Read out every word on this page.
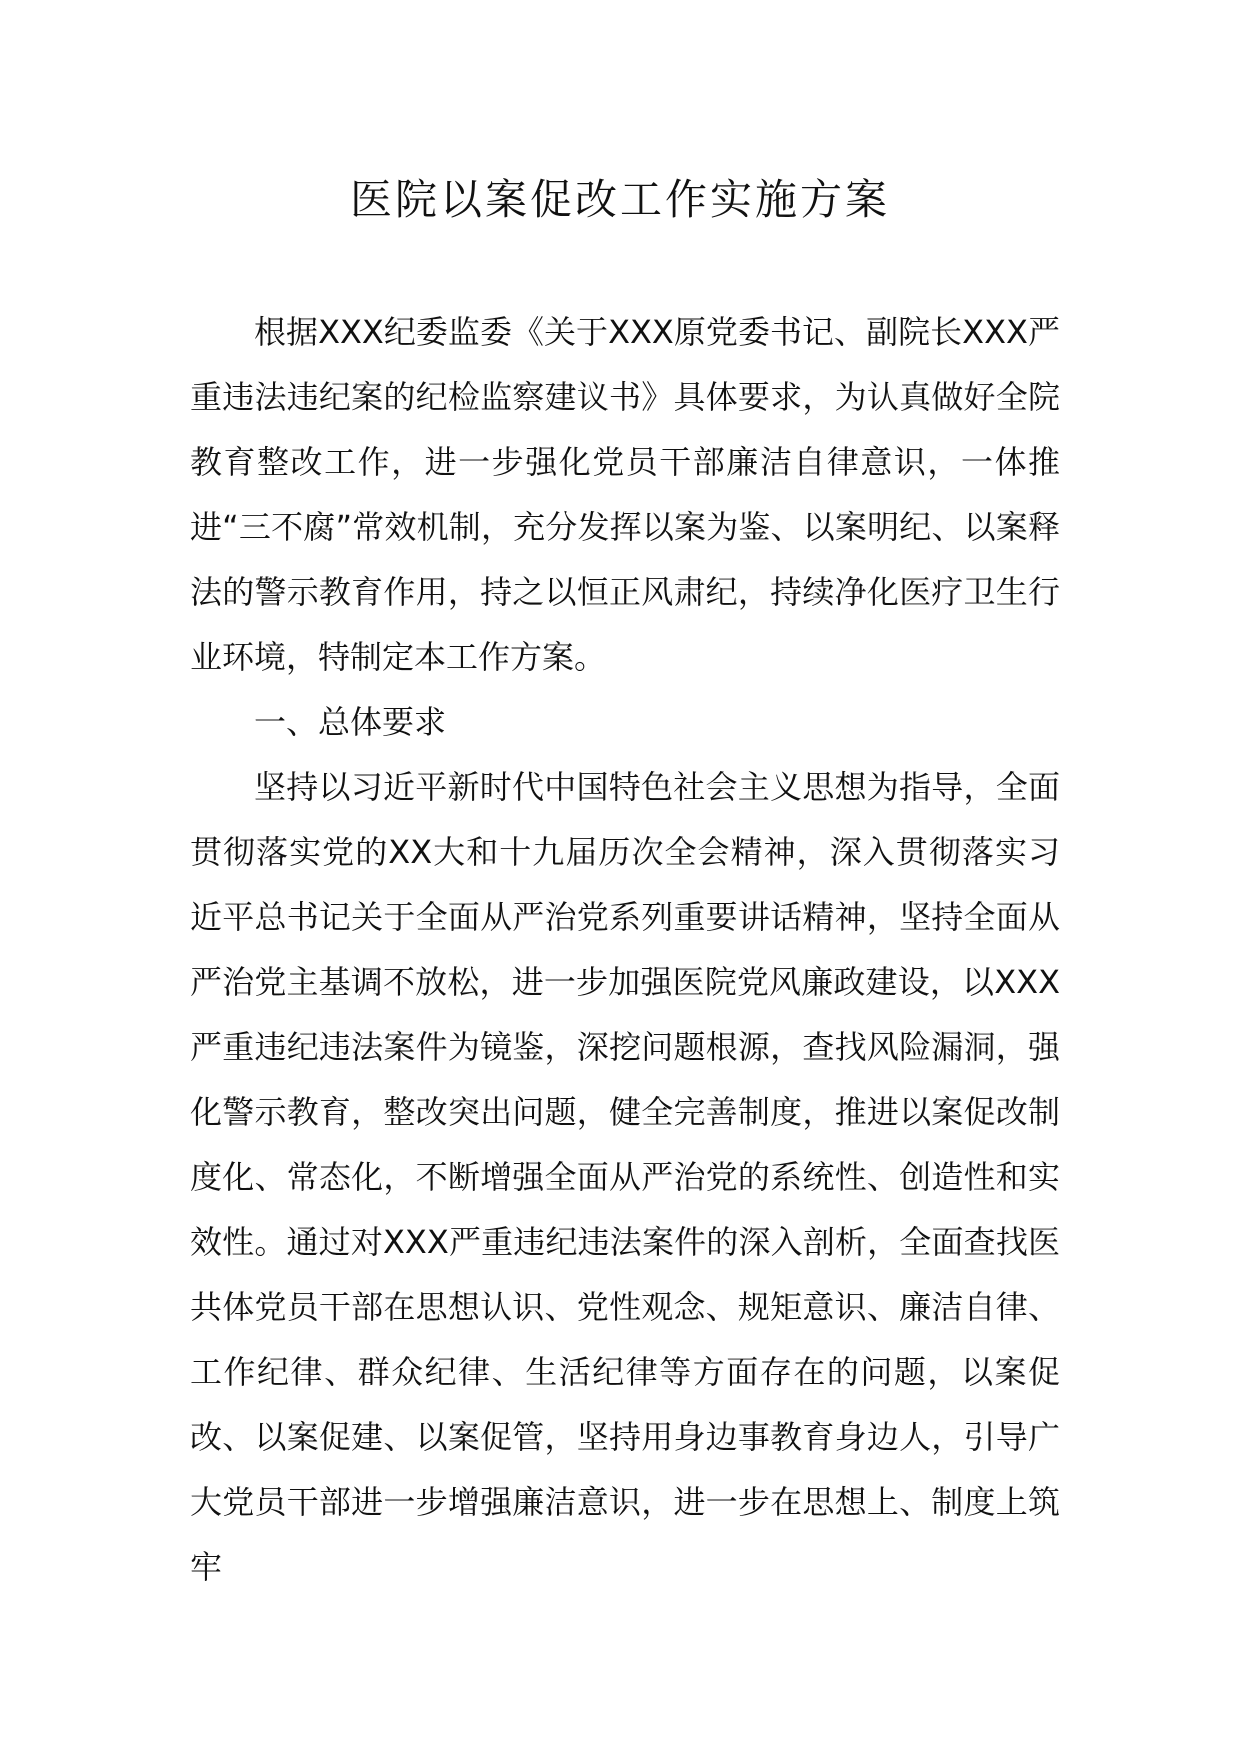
医院以案促改工作实施方案

根据XXX纪委监委《关于XXX原党委书记、副院长XXX严重违法违纪案的纪检监察建议书》具体要求，为认真做好全院教育整改工作，进一步强化党员干部廉洁自律意识，一体推进“三不腐”常效机制，充分发挥以案为鉴、以案明纪、以案释法的警示教育作用，持之以恒正风肃纪，持续净化医疗卫生行业环境，特制定本工作方案。

一、总体要求

坚持以习近平新时代中国特色社会主义思想为指导，全面贯彻落实党的XX大和十九届历次全会精神，深入贯彻落实习近平总书记关于全面从严治党系列重要讲话精神，坚持全面从严治党主基调不放松，进一步加强医院党风廉政建设，以XXX严重违纪违法案件为镜鉴，深挖问题根源，查找风险漏洞，强化警示教育，整改突出问题，健全完善制度，推进以案促改制度化、常态化，不断增强全面从严治党的系统性、创造性和实效性。通过对XXX严重违纪违法案件的深入剖析，全面查找医共体党员干部在思想认识、党性观念、规矩意识、廉洁自律、工作纪律、群众纪律、生活纪律等方面存在的问题，以案促改、以案促建、以案促管，坚持用身边事教育身边人，引导广大党员干部进一步增强廉洁意识，进一步在思想上、制度上筑牢
